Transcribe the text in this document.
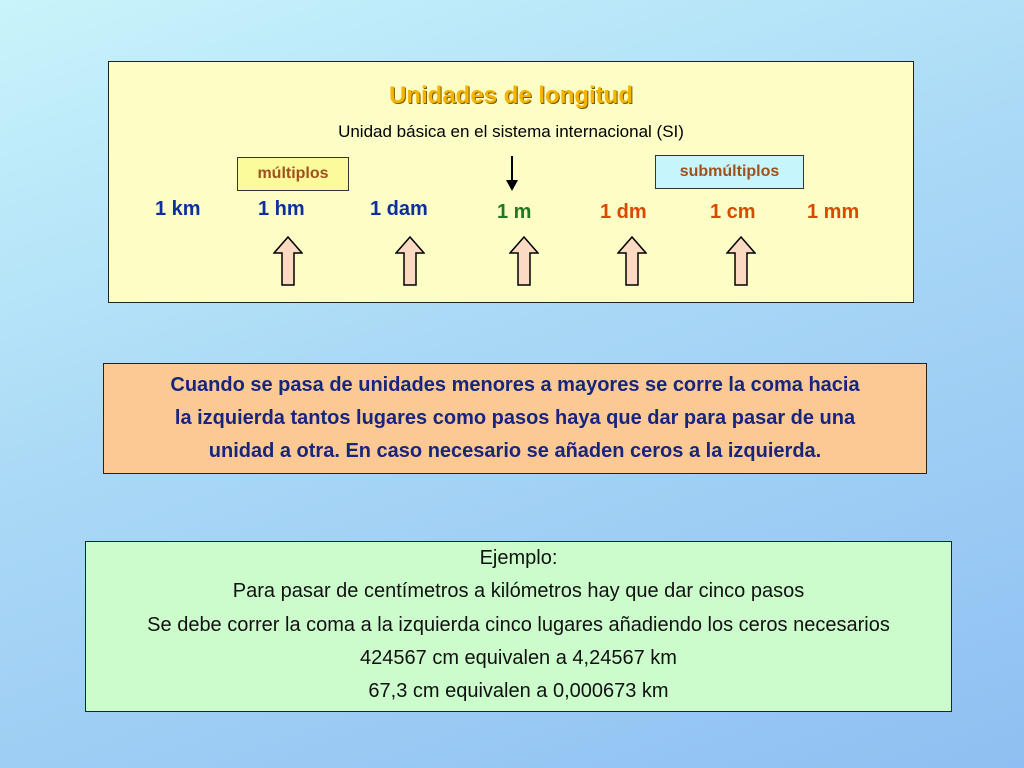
Unidades de longitud
Unidad básica en el sistema internacional (SI)
múltiplos	submúltiplos
1 km	1 hm	1 dam	1 m	1 dm	1 cm	1 mm
Cuando se pasa de unidades menores a mayores se corre la coma hacia
la izquierda tantos lugares como pasos haya que dar para pasar de una
unidad a otra. En caso necesario se añaden ceros a la izquierda.
Ejemplo:
Para pasar de centímetros a kilómetros hay que dar cinco pasos
Se debe correr la coma a la izquierda cinco lugares añadiendo los ceros necesarios
424567 cm equivalen a 4,24567 km
67,3 cm equivalen a 0,000673 km
